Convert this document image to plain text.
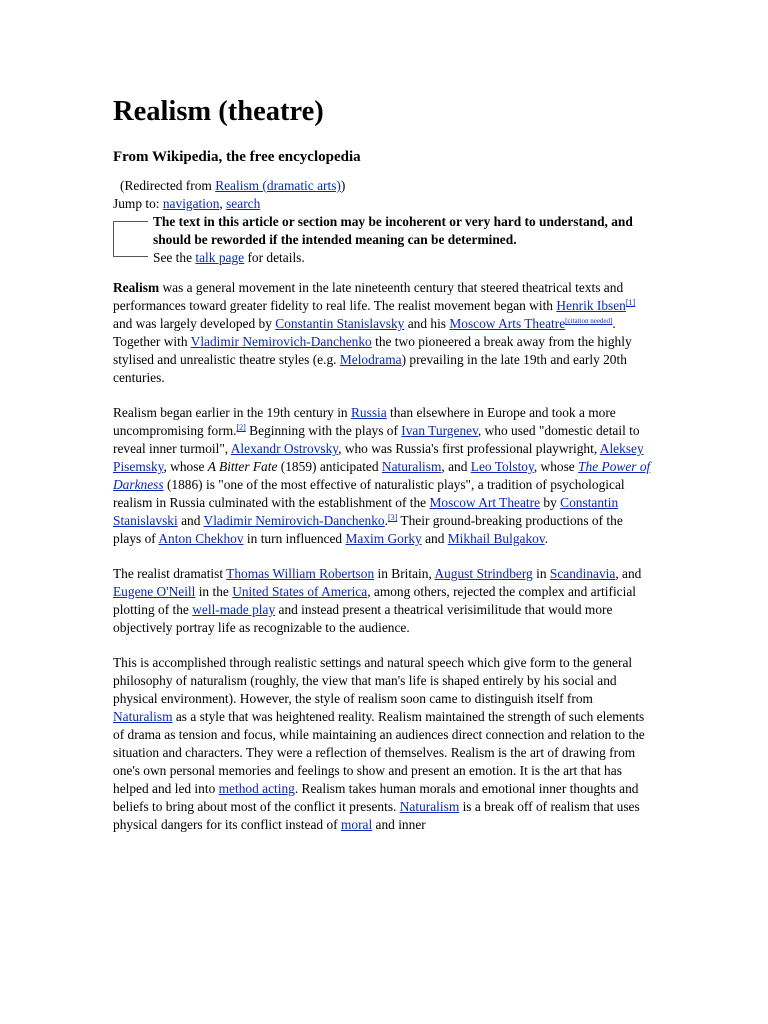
Realism (theatre)
From Wikipedia, the free encyclopedia
(Redirected from Realism (dramatic arts))
Jump to: navigation, search
The text in this article or section may be incoherent or very hard to understand, and should be reworded if the intended meaning can be determined.
See the talk page for details.

Realism was a general movement in the late nineteenth century that steered theatrical texts and performances toward greater fidelity to real life. The realist movement began with Henrik Ibsen[1] and was largely developed by Constantin Stanislavsky and his Moscow Arts Theatre[citation needed]. Together with Vladimir Nemirovich-Danchenko the two pioneered a break away from the highly stylised and unrealistic theatre styles (e.g. Melodrama) prevailing in the late 19th and early 20th centuries.

Realism began earlier in the 19th century in Russia than elsewhere in Europe and took a more uncompromising form.[2] Beginning with the plays of Ivan Turgenev, who used "domestic detail to reveal inner turmoil", Alexandr Ostrovsky, who was Russia's first professional playwright, Aleksey Pisemsky, whose A Bitter Fate (1859) anticipated Naturalism, and Leo Tolstoy, whose The Power of Darkness (1886) is "one of the most effective of naturalistic plays", a tradition of psychological realism in Russia culminated with the establishment of the Moscow Art Theatre by Constantin Stanislavski and Vladimir Nemirovich-Danchenko.[3] Their ground-breaking productions of the plays of Anton Chekhov in turn influenced Maxim Gorky and Mikhail Bulgakov.

The realist dramatist Thomas William Robertson in Britain, August Strindberg in Scandinavia, and Eugene O'Neill in the United States of America, among others, rejected the complex and artificial plotting of the well-made play and instead present a theatrical verisimilitude that would more objectively portray life as recognizable to the audience.

This is accomplished through realistic settings and natural speech which give form to the general philosophy of naturalism (roughly, the view that man's life is shaped entirely by his social and physical environment). However, the style of realism soon came to distinguish itself from Naturalism as a style that was heightened reality. Realism maintained the strength of such elements of drama as tension and focus, while maintaining an audiences direct connection and relation to the situation and characters. They were a reflection of themselves. Realism is the art of drawing from one's own personal memories and feelings to show and present an emotion. It is the art that has helped and led into method acting. Realism takes human morals and emotional inner thoughts and beliefs to bring about most of the conflict it presents. Naturalism is a break off of realism that uses physical dangers for its conflict instead of moral and inner
